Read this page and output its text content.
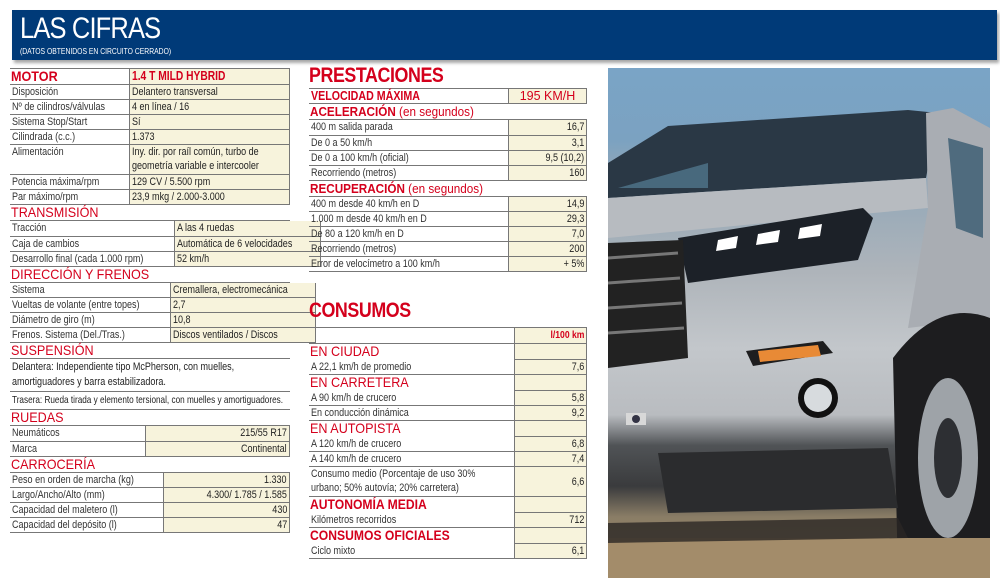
LAS CIFRAS
(DATOS OBTENIDOS EN CIRCUITO CERRADO)
MOTOR	1.4 T MILD HYBRID
Disposición	Delantero transversal
Nº de cilindros/válvulas	4 en línea / 16
Sistema Stop/Start	Sí
Cilindrada (c.c.)	1.373
Alimentación	Iny. dir. por raíl común, turbo de
geometría variable e intercooler
Potencia máxima/rpm	129 CV / 5.500 rpm
Par máximo/rpm	23,9 mkg / 2.000-3.000
TRANSMISIÓN
Tracción	A las 4 ruedas
Caja de cambios	Automática de 6 velocidades
Desarrollo final (cada 1.000 rpm)	52 km/h
DIRECCIÓN Y FRENOS
Sistema	Cremallera, electromecánica
Vueltas de volante (entre topes)	2,7
Diámetro de giro (m)	10,8
Frenos. Sistema (Del./Tras.)	Discos ventilados / Discos
SUSPENSIÓN
Delantera: Independiente tipo McPherson, con muelles,
amortiguadores y barra estabilizadora.
Trasera: Rueda tirada y elemento tersional, con muelles y amortiguadores.
RUEDAS
Neumáticos	215/55 R17
Marca	Continental
CARROCERÍA
Peso en orden de marcha (kg)	1.330
Largo/Ancho/Alto (mm)	4.300/ 1.785 / 1.585
Capacidad del maletero (l)	430
Capacidad del depósito (l)	47
PRESTACIONES
VELOCIDAD MÁXIMA	195 KM/H
ACELERACIÓN (en segundos)
400 m salida parada	16,7
De 0 a 50 km/h	3,1
De 0 a 100 km/h (oficial)	9,5 (10,2)
Recorriendo (metros)	160
RECUPERACIÓN (en segundos)
400 m desde 40 km/h en D	14,9
1.000 m desde 40 km/h en D	29,3
De 80 a 120 km/h en D	7,0
Recorriendo (metros)	200
Error de velocímetro a 100 km/h	+ 5%
CONSUMOS
	l/100 km
EN CIUDAD	
A 22,1 km/h de promedio	7,6
EN CARRETERA	
A 90 km/h de crucero	5,8
En conducción dinámica	9,2
EN AUTOPISTA	
A 120 km/h de crucero	6,8
A 140 km/h de crucero	7,4
Consumo medio (Porcentaje de uso 30%
urbano; 50% autovía; 20% carretera)	6,6
AUTONOMÍA MEDIA	
Kilómetros recorridos	712
CONSUMOS OFICIALES	
Ciclo mixto	6,1
